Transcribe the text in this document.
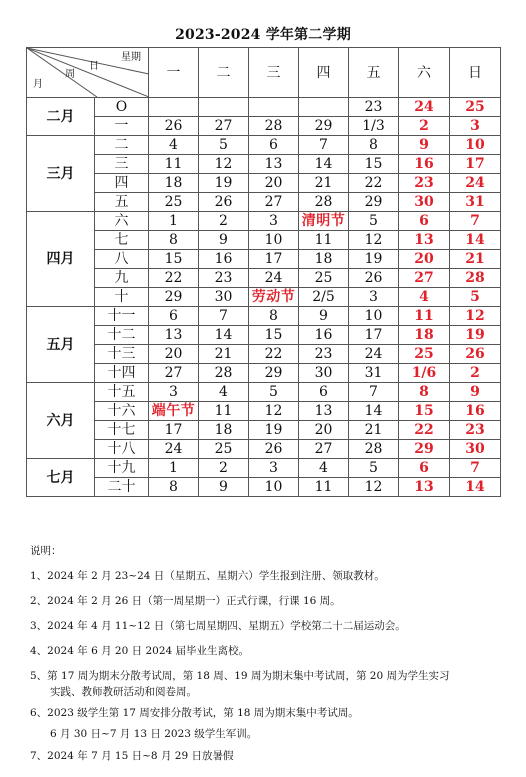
2023-2024 学年第二学期
星期
日
周
月		一	二	三	四	五	六	日
二月	O					23	24	25
	一	26	27	28	29	1/3	2	3
三月	二	4	5	6	7	8	9	10
	三	11	12	13	14	15	16	17
	四	18	19	20	21	22	23	24
	五	25	26	27	28	29	30	31
四月	六	1	2	3	清明节	5	6	7
	七	8	9	10	11	12	13	14
	八	15	16	17	18	19	20	21
	九	22	23	24	25	26	27	28
	十	29	30	劳动节	2/5	3	4	5
五月	十一	6	7	8	9	10	11	12
	十二	13	14	15	16	17	18	19
	十三	20	21	22	23	24	25	26
	十四	27	28	29	30	31	1/6	2
六月	十五	3	4	5	6	7	8	9
	十六	端午节	11	12	13	14	15	16
	十七	17	18	19	20	21	22	23
	十八	24	25	26	27	28	29	30
七月	十九	1	2	3	4	5	6	7
	二十	8	9	10	11	12	13	14
说明：
1、2024 年 2 月 23~24 日（星期五、星期六）学生报到注册、领取教材。
2、2024 年 2 月 26 日（第一周星期一）正式行课，行课 16 周。
3、2024 年 4 月 11~12 日（第七周星期四、星期五）学校第二十二届运动会。
4、2024 年 6 月 20 日 2024 届毕业生离校。
5、第 17 周为期末分散考试周，第 18 周、19 周为期末集中考试周，第 20 周为学生实习
实践、教师教研活动和阅卷周。
6、2023 级学生第 17 周安排分散考试，第 18 周为期末集中考试周。
6 月 30 日~7 月 13 日 2023 级学生军训。
7、2024 年 7 月 15 日~8 月 29 日放暑假
